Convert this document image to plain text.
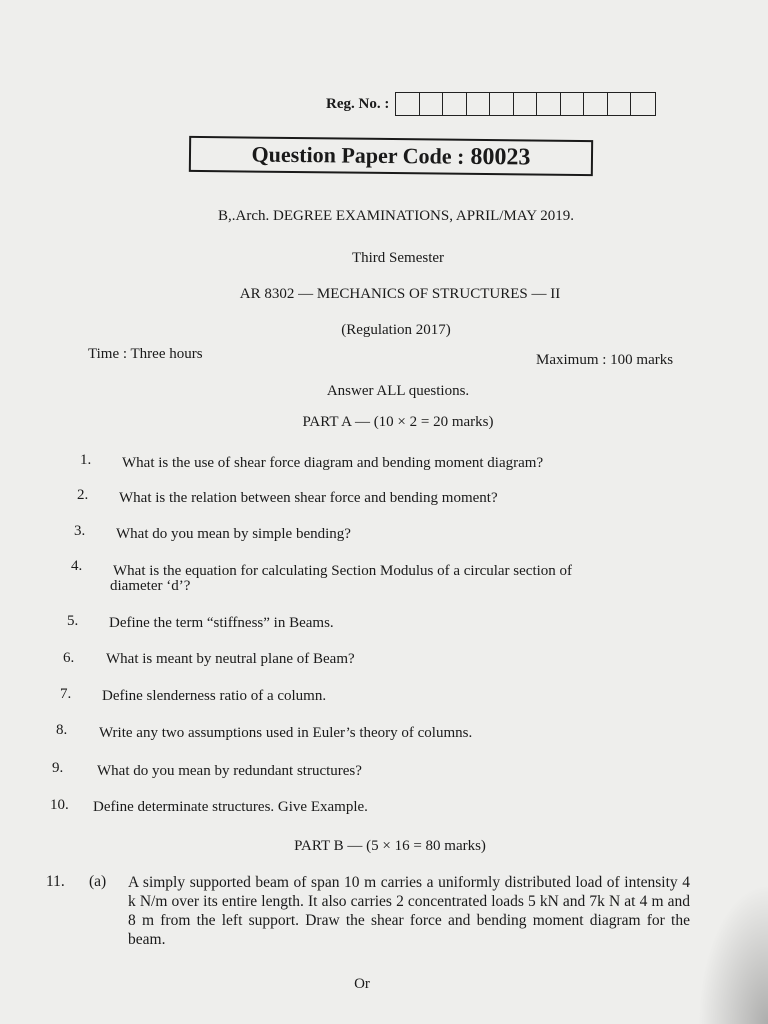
Reg. No. :
Question Paper Code : 80023
B,.Arch. DEGREE EXAMINATIONS, APRIL/MAY 2019.
Third Semester
AR 8302 — MECHANICS OF STRUCTURES — II
(Regulation 2017)
Time : Three hours	Maximum : 100 marks
Answer ALL questions.
PART A — (10 × 2 = 20 marks)
1. What is the use of shear force diagram and bending moment diagram?
2. What is the relation between shear force and bending moment?
3. What do you mean by simple bending?
4. What is the equation for calculating Section Modulus of a circular section of
diameter ‘d’?
5. Define the term “stiffness” in Beams.
6. What is meant by neutral plane of Beam?
7. Define slenderness ratio of a column.
8. Write any two assumptions used in Euler’s theory of columns.
9. What do you mean by redundant structures?
10. Define determinate structures. Give Example.
PART B — (5 × 16 = 80 marks)
11. (a) A simply supported beam of span 10 m carries a uniformly distributed load of intensity 4 k N/m over its entire length. It also carries 2 concentrated loads 5 kN and 7k N at 4 m and 8 m from the left support. Draw the shear force and bending moment diagram for the beam.
Or
